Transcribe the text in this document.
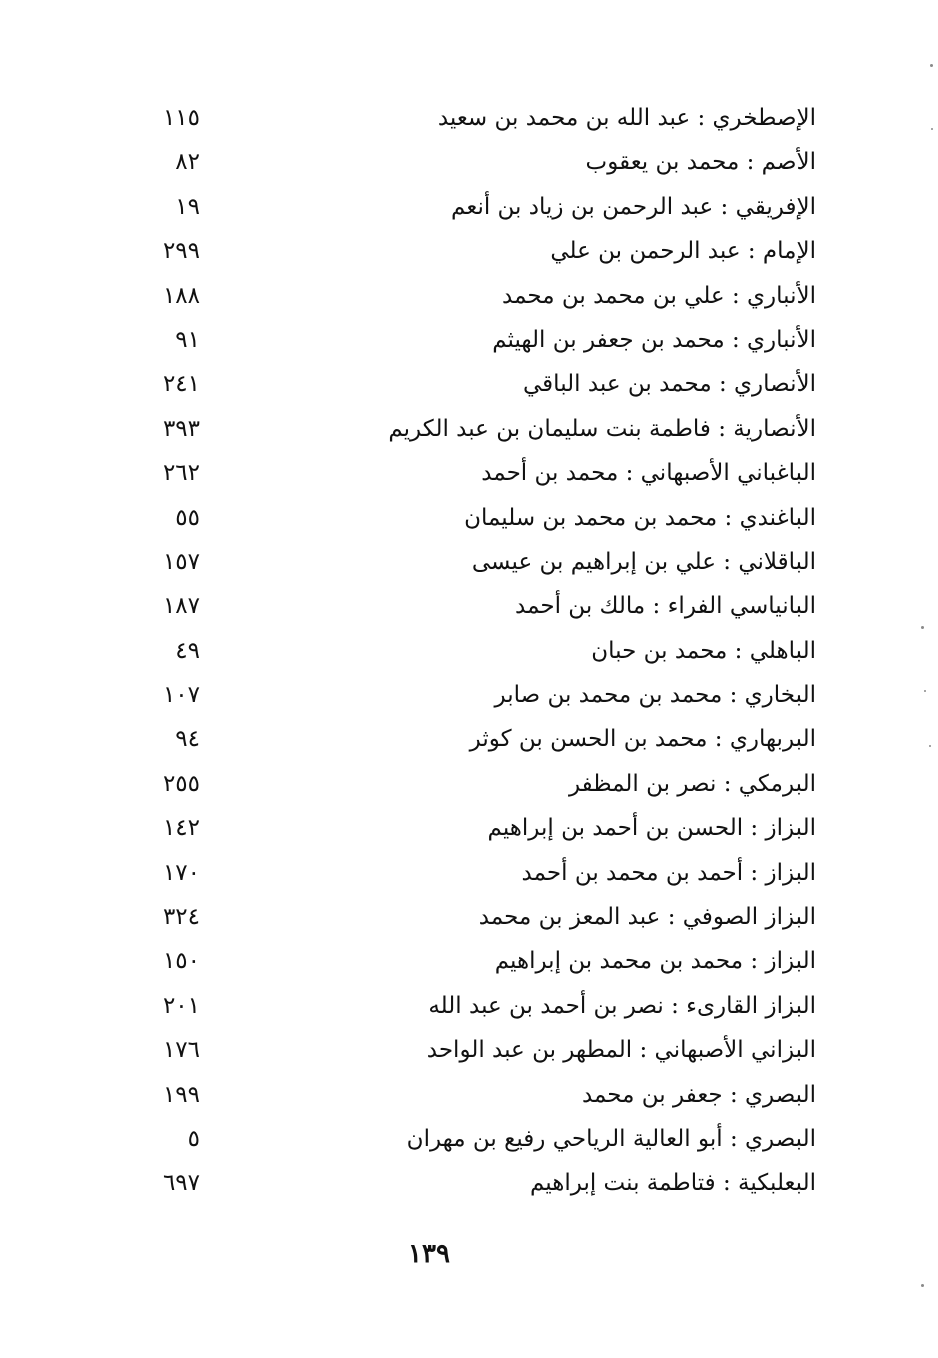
الإصطخري : عبد الله بن محمد بن سعيد
١١٥
الأصم : محمد بن يعقوب
٨٢
الإفريقي : عبد الرحمن بن زياد بن أنعم
١٩
الإمام : عبد الرحمن بن علي
٢٩٩
الأنباري : علي بن محمد بن محمد
١٨٨
الأنباري : محمد بن جعفر بن الهيثم
٩١
الأنصاري : محمد بن عبد الباقي
٢٤١
الأنصارية : فاطمة بنت سليمان بن عبد الكريم
٣٩٣
الباغباني الأصبهاني : محمد بن أحمد
٢٦٢
الباغندي : محمد بن محمد بن سليمان
٥٥
الباقلاني : علي بن إبراهيم بن عيسى
١٥٧
البانياسي الفراء : مالك بن أحمد
١٨٧
الباهلي : محمد بن حبان
٤٩
البخاري : محمد بن محمد بن صابر
١٠٧
البربهاري : محمد بن الحسن بن كوثر
٩٤
البرمكي : نصر بن المظفر
٢٥٥
البزاز : الحسن بن أحمد بن إبراهيم
١٤٢
البزاز : أحمد بن محمد بن أحمد
١٧٠
البزاز الصوفي : عبد المعز بن محمد
٣٢٤
البزاز : محمد بن محمد بن إبراهيم
١٥٠
البزاز القارىء : نصر بن أحمد بن عبد الله
٢٠١
البزاني الأصبهاني : المطهر بن عبد الواحد
١٧٦
البصري : جعفر بن محمد
١٩٩
البصري : أبو العالية الرياحي رفيع بن مهران
٥
البعلبكية : فتاطمة بنت إبراهيم
٦٩٧
١٣٩
